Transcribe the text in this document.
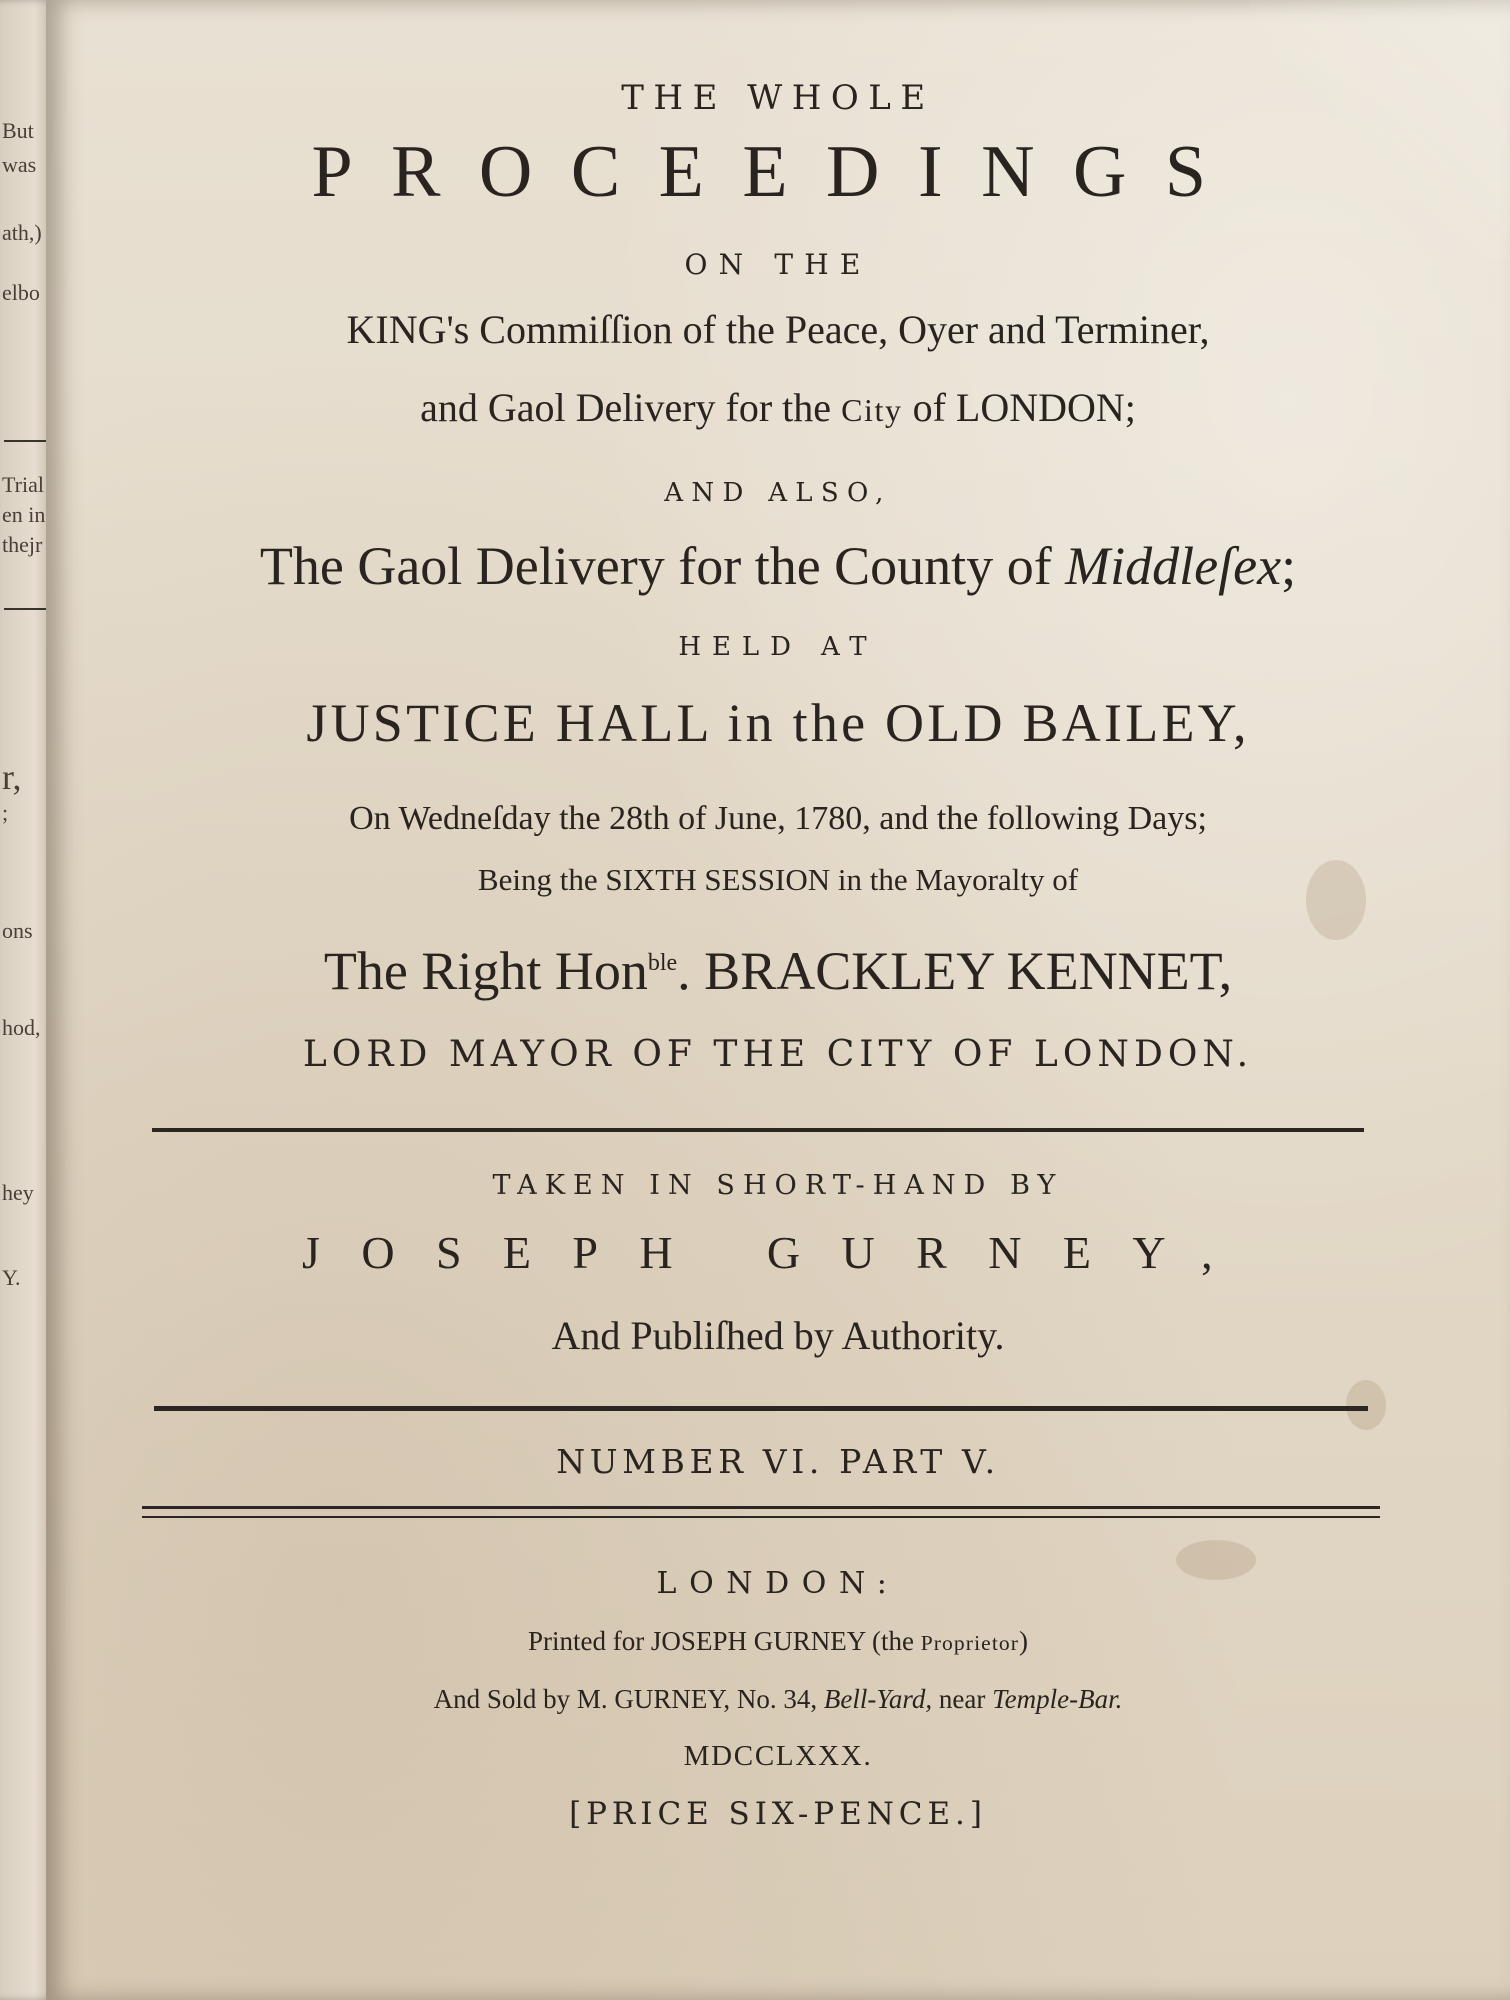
But
was
ath,)
elbo
Trial
en in
thejr
r,
;
ons
hod,
hey
Y.
THE WHOLE
PROCEEDINGS
ON THE
KING's Commiſſion of the Peace, Oyer and Terminer,
and Gaol Delivery for the City of LONDON;
AND ALSO,
The Gaol Delivery for the County of Middleſex;
HELD AT
JUSTICE HALL in the OLD BAILEY,
On Wedneſday the 28th of June, 1780, and the following Days;
Being the SIXTH SESSION in the Mayoralty of
The Right Hon$^{ble}$. BRACKLEY KENNET,
LORD MAYOR OF THE CITY OF LONDON.
TAKEN IN SHORT-HAND BY
JOSEPH GURNEY,
And Publiſhed by Authority.
NUMBER VI. PART V.
LONDON:
Printed for JOSEPH GURNEY (the Proprietor)
And Sold by M. GURNEY, No. 34, Bell-Yard, near Temple-Bar.
MDCCLXXX.
[PRICE SIX-PENCE.]
